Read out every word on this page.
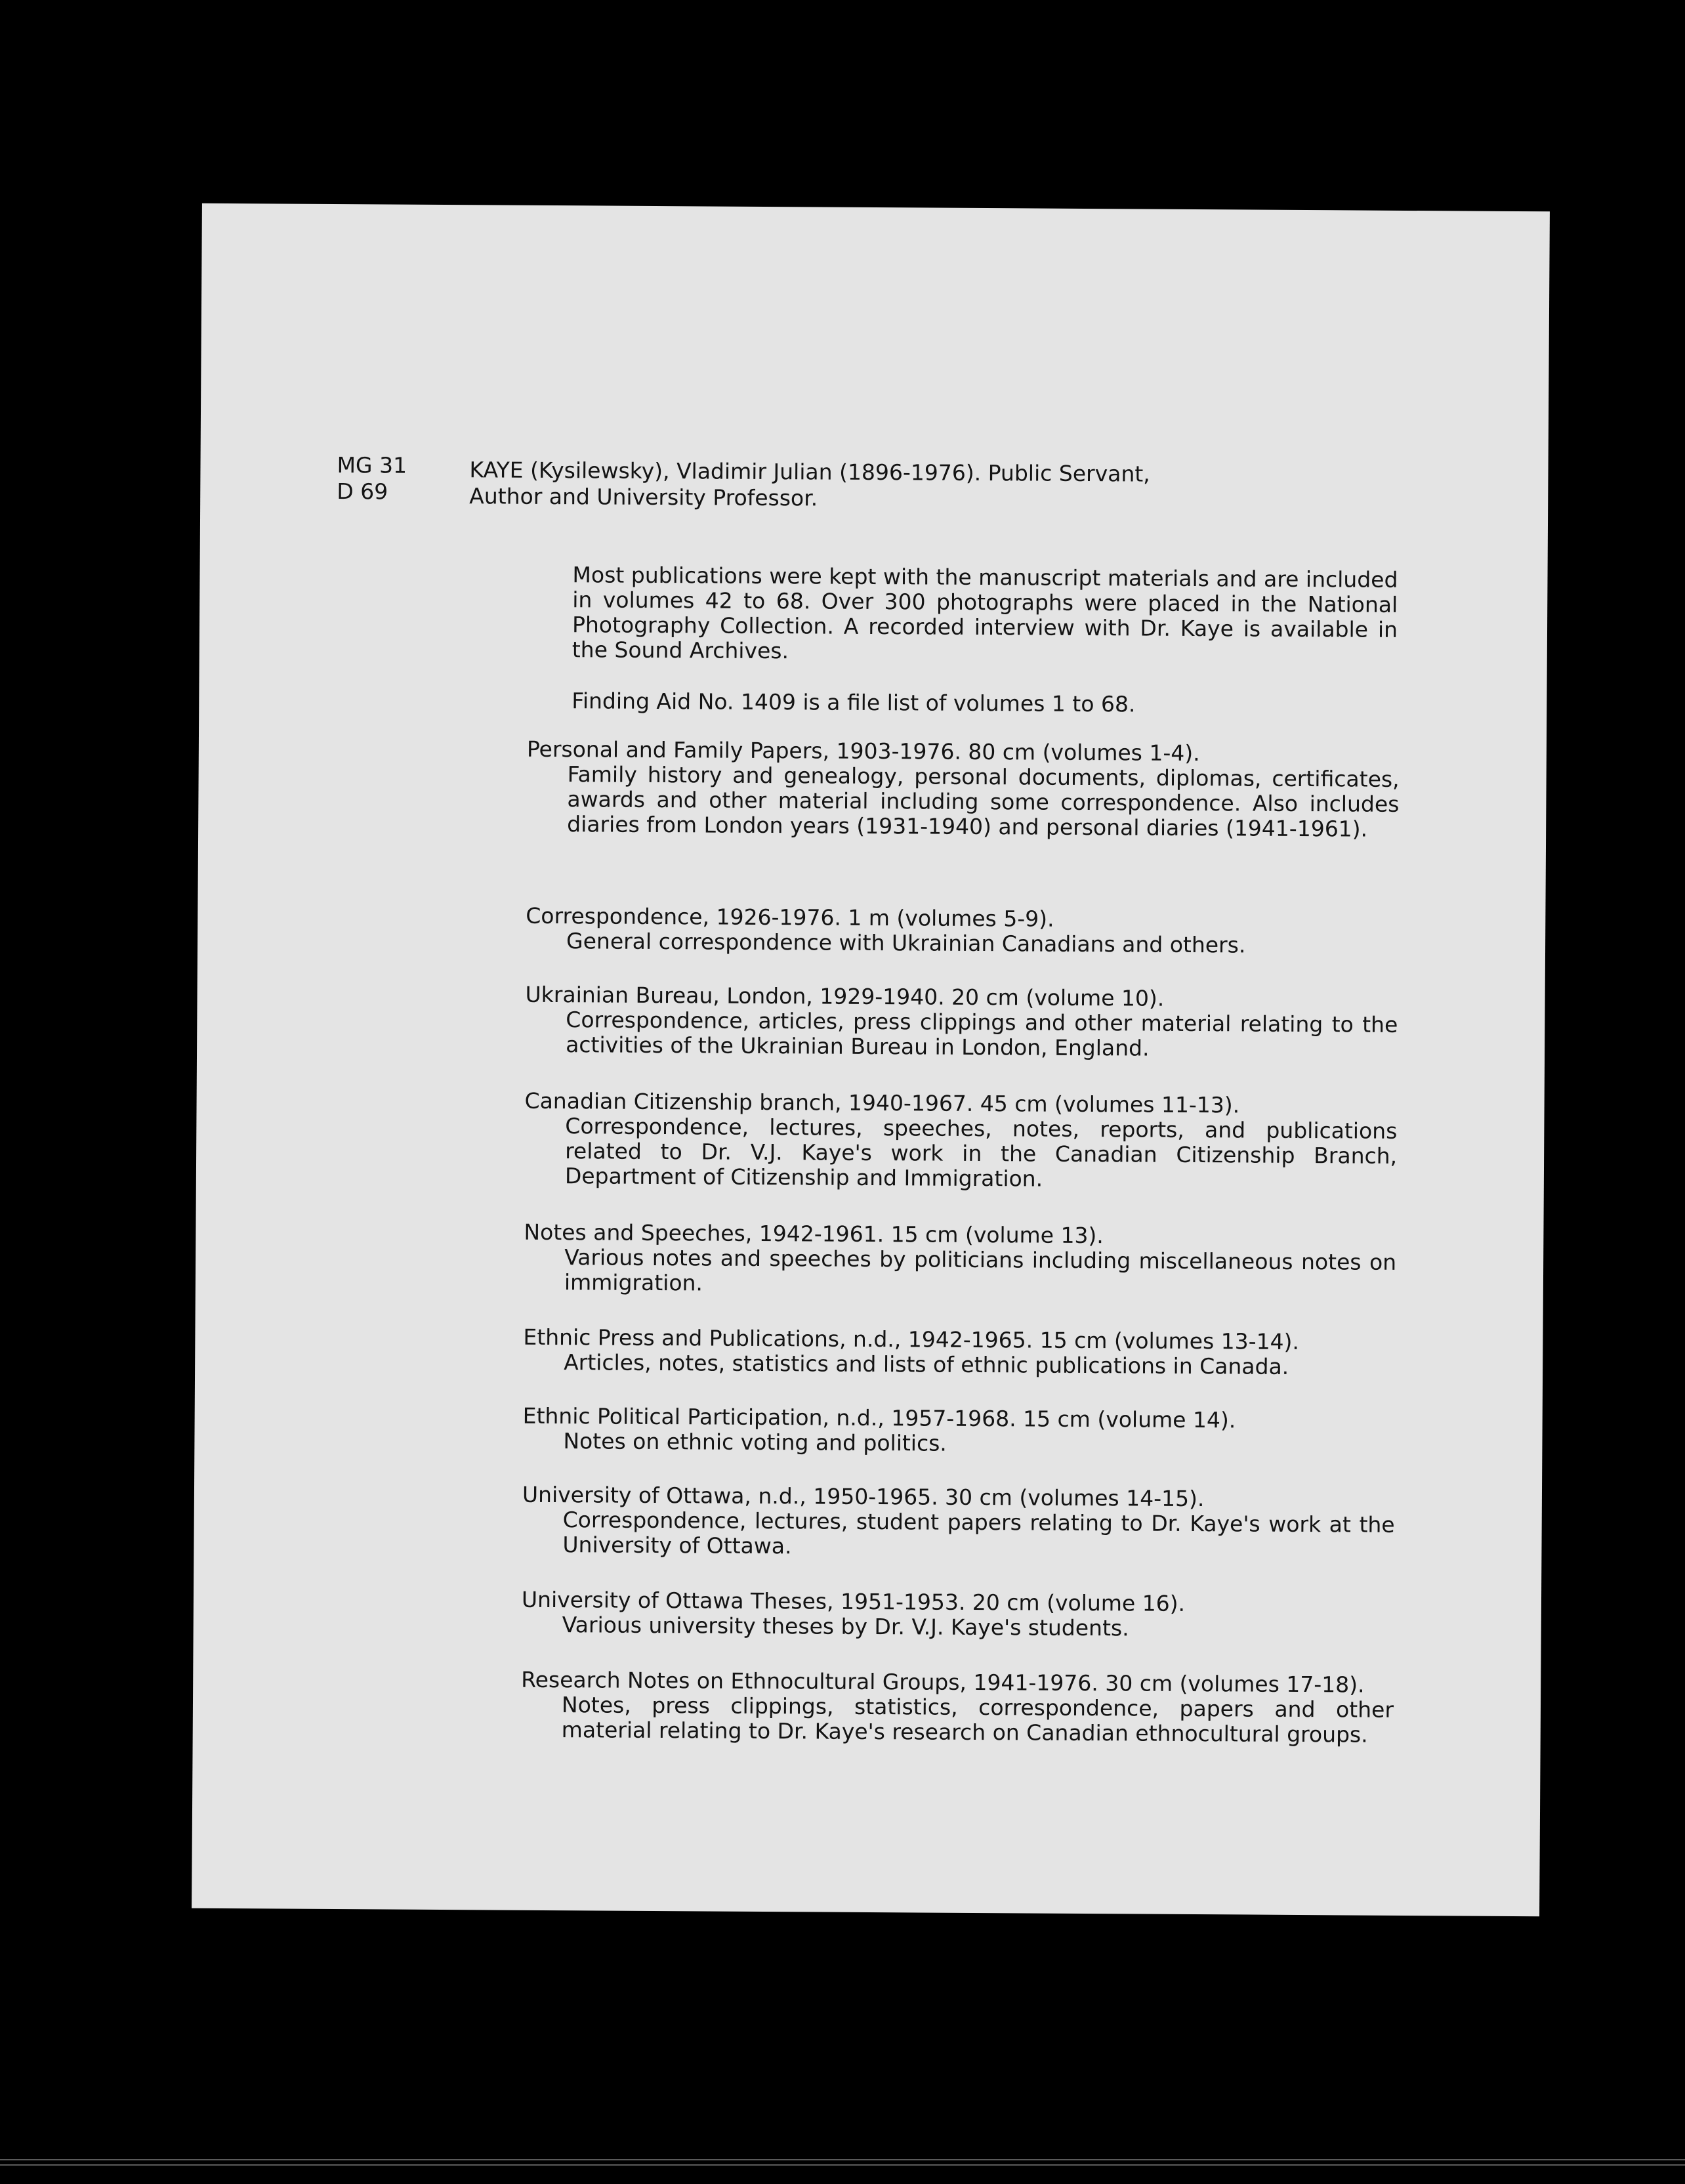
MG 31
D 69
KAYE (Kysilewsky), Vladimir Julian (1896-1976). Public Servant,
Author and University Professor.
Most publications were kept with the manuscript materials and are included in volumes 42 to 68. Over 300 photographs were placed in the National Photography Collection. A recorded interview with Dr. Kaye is available in the Sound Archives.
Finding Aid No. 1409 is a file list of volumes 1 to 68.
Personal and Family Papers, 1903-1976. 80 cm (volumes 1-4).
Family history and genealogy, personal documents, diplomas, certificates, awards and other material including some correspondence. Also includes diaries from London years (1931-1940) and personal diaries (1941-1961).
Correspondence, 1926-1976. 1 m (volumes 5-9).
General correspondence with Ukrainian Canadians and others.
Ukrainian Bureau, London, 1929-1940. 20 cm (volume 10).
Correspondence, articles, press clippings and other material relating to the activities of the Ukrainian Bureau in London, England.
Canadian Citizenship branch, 1940-1967. 45 cm (volumes 11-13).
Correspondence, lectures, speeches, notes, reports, and publications related to Dr. V.J. Kaye's work in the Canadian Citizenship Branch, Department of Citizenship and Immigration.
Notes and Speeches, 1942-1961. 15 cm (volume 13).
Various notes and speeches by politicians including miscellaneous notes on immigration.
Ethnic Press and Publications, n.d., 1942-1965. 15 cm (volumes 13-14).
Articles, notes, statistics and lists of ethnic publications in Canada.
Ethnic Political Participation, n.d., 1957-1968. 15 cm (volume 14).
Notes on ethnic voting and politics.
University of Ottawa, n.d., 1950-1965. 30 cm (volumes 14-15).
Correspondence, lectures, student papers relating to Dr. Kaye's work at the University of Ottawa.
University of Ottawa Theses, 1951-1953. 20 cm (volume 16).
Various university theses by Dr. V.J. Kaye's students.
Research Notes on Ethnocultural Groups, 1941-1976. 30 cm (volumes 17-18).
Notes, press clippings, statistics, correspondence, papers and other material relating to Dr. Kaye's research on Canadian ethnocultural groups.
